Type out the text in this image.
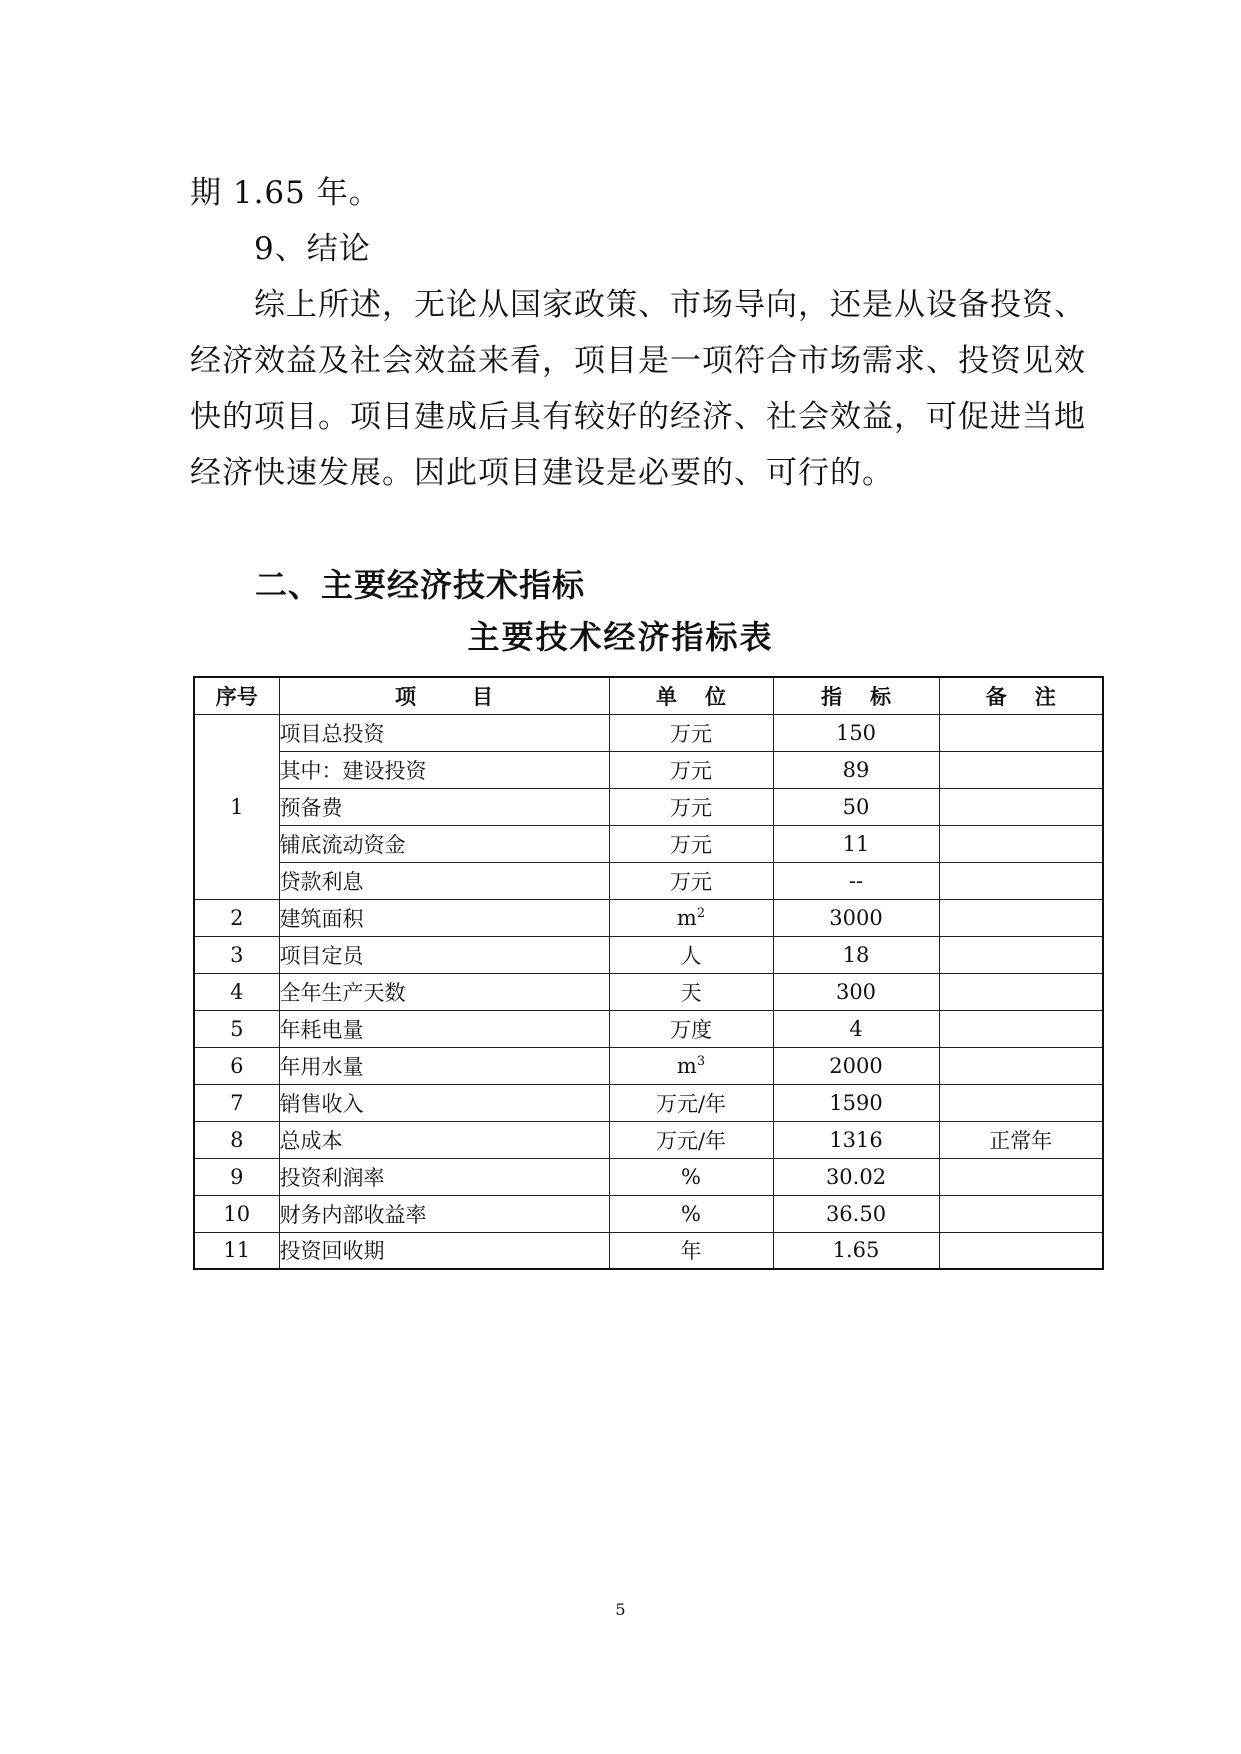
期 1.65 年。
9、结论
综上所述，无论从国家政策、市场导向，还是从设备投资、
经济效益及社会效益来看，项目是一项符合市场需求、投资见效
快的项目。项目建成后具有较好的经济、社会效益，可促进当地
经济快速发展。因此项目建设是必要的、可行的。
二、主要经济技术指标
主要技术经济指标表
序号	项目	单位	指标	备注
1	项目总投资	万元	150	
	其中：建设投资	万元	89	
	预备费	万元	50	
	铺底流动资金	万元	11	
	贷款利息	万元	--	
2	建筑面积	$m^2$	3000	
3	项目定员	人	18	
4	全年生产天数	天	300	
5	年耗电量	万度	4	
6	年用水量	$m^3$	2000	
7	销售收入	万元/年	1590	
8	总成本	万元/年	1316	正常年
9	投资利润率	%	30.02	
10	财务内部收益率	%	36.50	
11	投资回收期	年	1.65	
5
